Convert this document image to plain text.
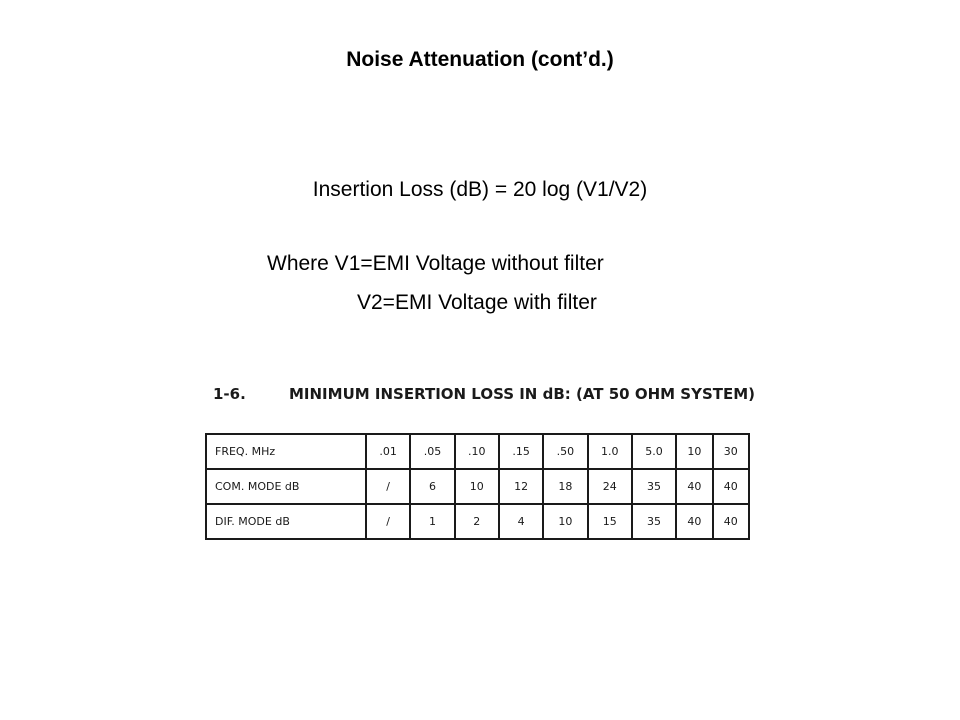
Noise Attenuation (cont’d.)
Insertion Loss (dB) = 20 log (V1/V2)
Where V1=EMI Voltage without filter
V2=EMI Voltage with filter
1-6.	MINIMUM INSERTION LOSS IN dB: (AT 50 OHM SYSTEM)
FREQ. MHz	.01	.05	.10	.15	.50	1.0	5.0	10	30
COM. MODE dB	/	6	10	12	18	24	35	40	40
DIF. MODE dB	/	1	2	4	10	15	35	40	40
